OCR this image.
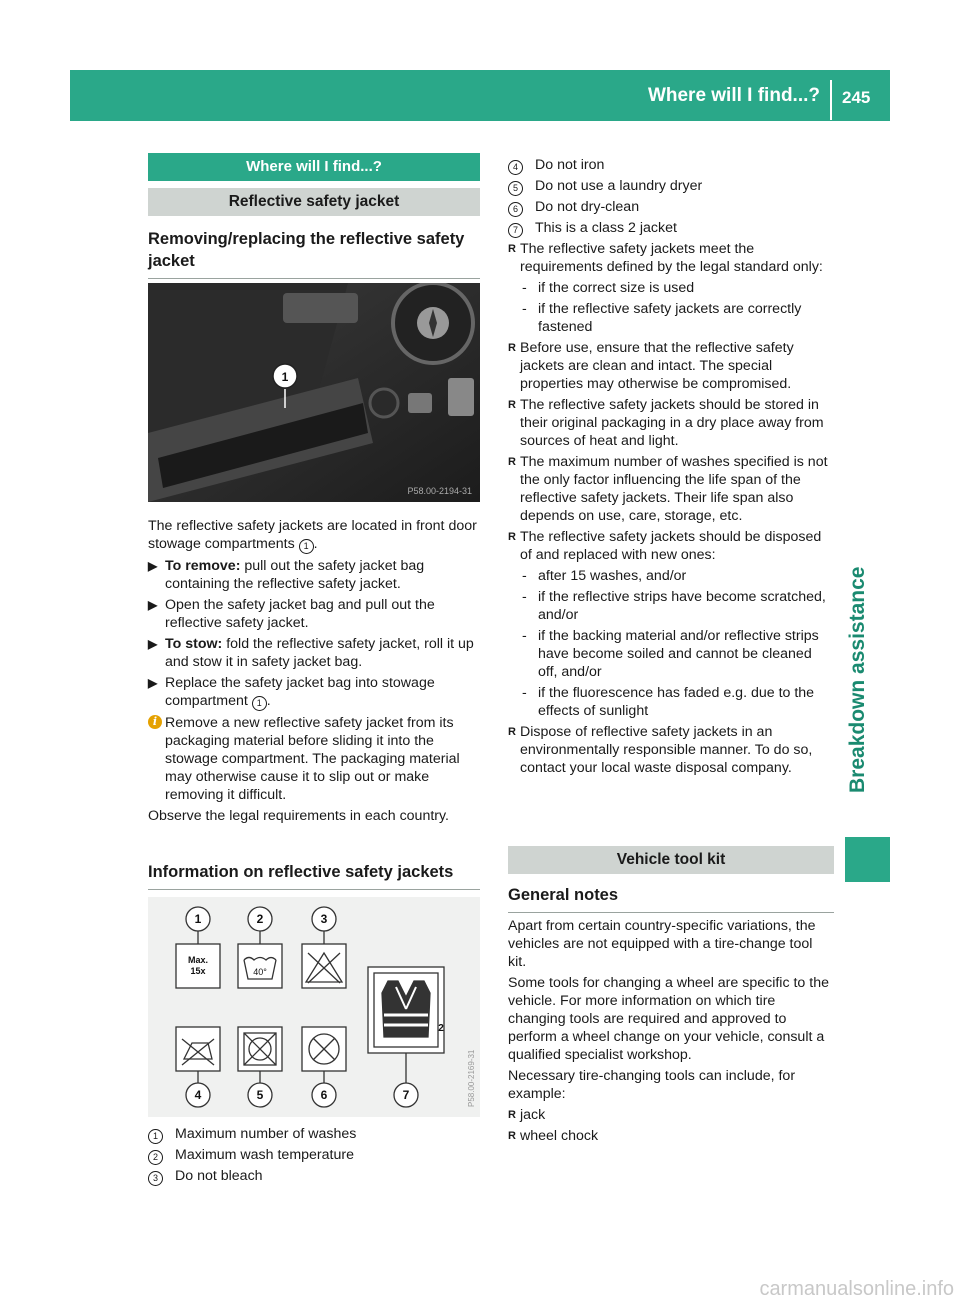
Where will I find...? 245
Breakdown assistance
Where will I find...?
Reflective safety jacket
Removing/replacing the reflective safety jacket
1
P58.00-2194-31

The reflective safety jackets are located in front door stowage compartments 1 .

▶ To remove: pull out the safety jacket bag containing the reflective safety jacket.
▶ Open the safety jacket bag and pull out the reflective safety jacket.
▶ To stow: fold the reflective safety jacket, roll it up and stow it in safety jacket bag.
▶ Replace the safety jacket bag into stowage compartment 1 .
i Remove a new reflective safety jacket from its packaging material before sliding it into the stowage compartment. The packaging material may otherwise cause it to slip out or make removing it difficult.

Observe the legal requirements in each country.

Information on reflective safety jackets
1	2	3
4	5	6	7
Max.
15x	40°
2
P58.00-2169-31
1	Maximum number of washes
2	Maximum wash temperature
3	Do not bleach
4	Do not iron
5	Do not use a laundry dryer
6	Do not dry-clean
7	This is a class 2 jacket
R The reflective safety jackets meet the requirements defined by the legal standard only:
- if the correct size is used
- if the reflective safety jackets are correctly fastened
R Before use, ensure that the reflective safety jackets are clean and intact. The special properties may otherwise be compromised.
R The reflective safety jackets should be stored in their original packaging in a dry place away from sources of heat and light.
R The maximum number of washes specified is not the only factor influencing the life span of the reflective safety jackets. Their life span also depends on use, care, storage, etc.
R The reflective safety jackets should be disposed of and replaced with new ones:
- after 15 washes, and/or
- if the reflective strips have become scratched, and/or
- if the backing material and/or reflective strips have become soiled and cannot be cleaned off, and/or
- if the fluorescence has faded e.g. due to the effects of sunlight
R Dispose of reflective safety jackets in an environmentally responsible manner. To do so, contact your local waste disposal company.
Vehicle tool kit
General notes

Apart from certain country-specific variations, the vehicles are not equipped with a tire-change tool kit.

Some tools for changing a wheel are specific to the vehicle. For more information on which tire changing tools are required and approved to perform a wheel change on your vehicle, consult a qualified specialist workshop.

Necessary tire-changing tools can include, for example:

R jack
R wheel chock
carmanualsonline.info
